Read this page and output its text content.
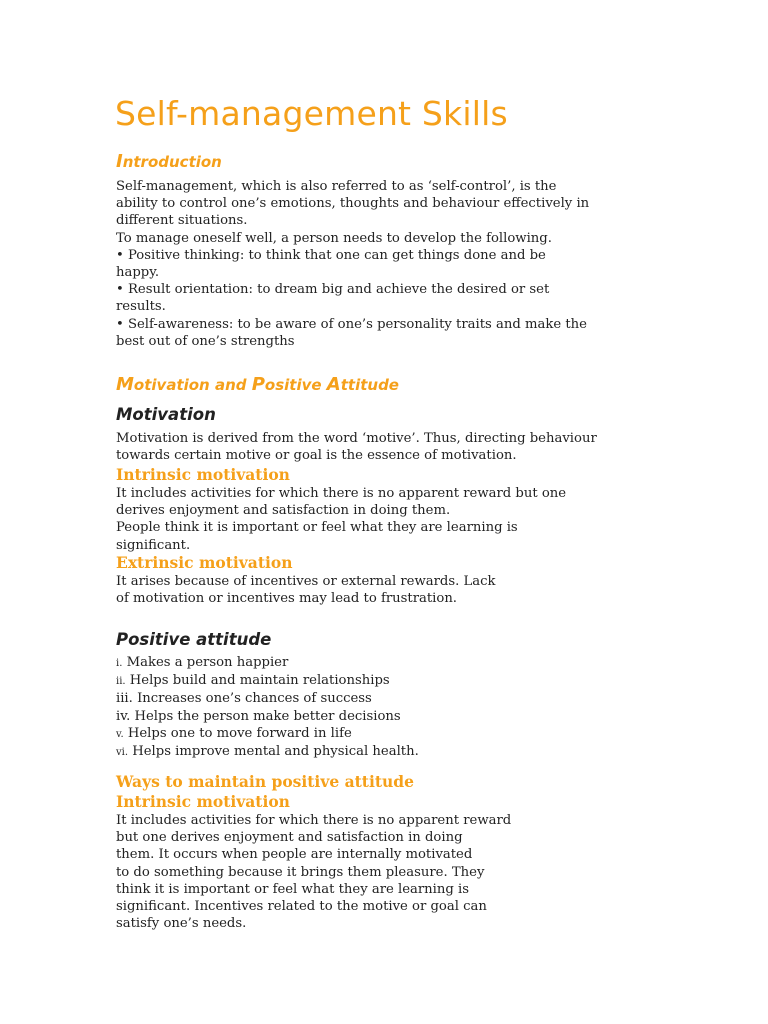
Self-management Skills
Introduction
Self-management, which is also referred to as ‘self-control’, is the
ability to control one’s emotions, thoughts and behaviour effectively in
different situations.
To manage oneself well, a person needs to develop the following.
• Positive thinking: to think that one can get things done and be
happy.
• Result orientation: to dream big and achieve the desired or set
results.
• Self-awareness: to be aware of one’s personality traits and make the
best out of one’s strengths
Motivation and Positive Attitude
Motivation
Motivation is derived from the word ‘motive’. Thus, directing behaviour
towards certain motive or goal is the essence of motivation.
Intrinsic motivation
It includes activities for which there is no apparent reward but one
derives enjoyment and satisfaction in doing them.
People think it is important or feel what they are learning is
significant.
Extrinsic motivation
It arises because of incentives or external rewards. Lack
of motivation or incentives may lead to frustration.
Positive attitude
i. Makes a person happier
ii. Helps build and maintain relationships
iii. Increases one’s chances of success
iv. Helps the person make better decisions
v. Helps one to move forward in life
vi. Helps improve mental and physical health.
Ways to maintain positive attitude
Intrinsic motivation
It includes activities for which there is no apparent reward
but one derives enjoyment and satisfaction in doing
them. It occurs when people are internally motivated
to do something because it brings them pleasure. They
think it is important or feel what they are learning is
significant. Incentives related to the motive or goal can
satisfy one’s needs.
